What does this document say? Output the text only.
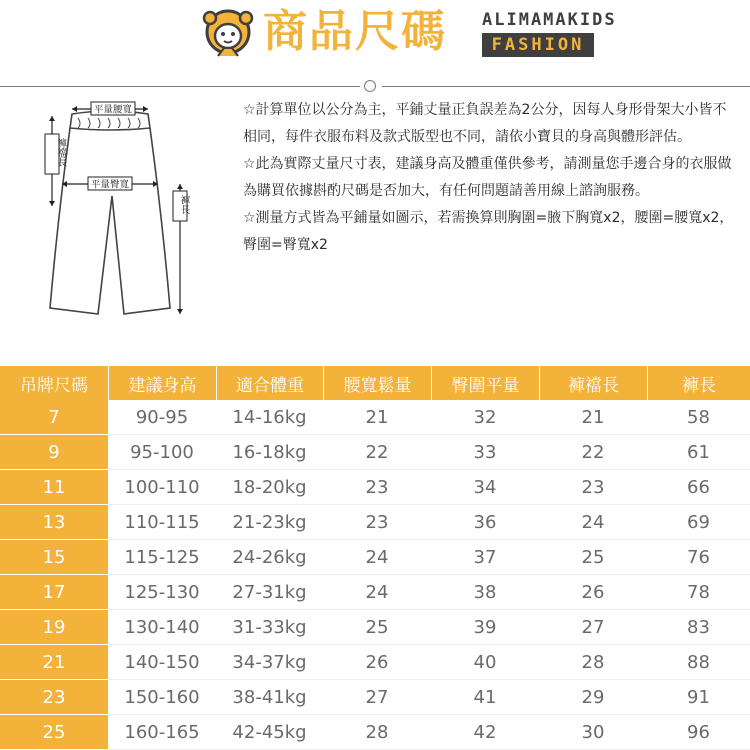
商品尺碼 ALIMAMAKIDS
FASHION
平量腰寬
平量臀寬
褲襠長
褲長

☆計算單位以公分為主，平鋪丈量正負誤差為2公分，因每人身形骨架大小皆不相同，每件衣服布料及款式版型也不同，請依小寶貝的身高與體形評估。

☆此為實際丈量尺寸表，建議身高及體重僅供參考，請測量您手邊合身的衣服做為購買依據斟酌尺碼是否加大，有任何問題請善用線上諮詢服務。

☆測量方式皆為平鋪量如圖示，若需換算則胸圍=腋下胸寬x2，腰圍=腰寬x2，臀圍=臀寬x2

吊牌尺碼	建議身高	適合體重	腰寬鬆量	臀圍平量	褲襠長	褲長
7	90-95	14-16kg	21	32	21	58
9	95-100	16-18kg	22	33	22	61
11	100-110	18-20kg	23	34	23	66
13	110-115	21-23kg	23	36	24	69
15	115-125	24-26kg	24	37	25	76
17	125-130	27-31kg	24	38	26	78
19	130-140	31-33kg	25	39	27	83
21	140-150	34-37kg	26	40	28	88
23	150-160	38-41kg	27	41	29	91
25	160-165	42-45kg	28	42	30	96
